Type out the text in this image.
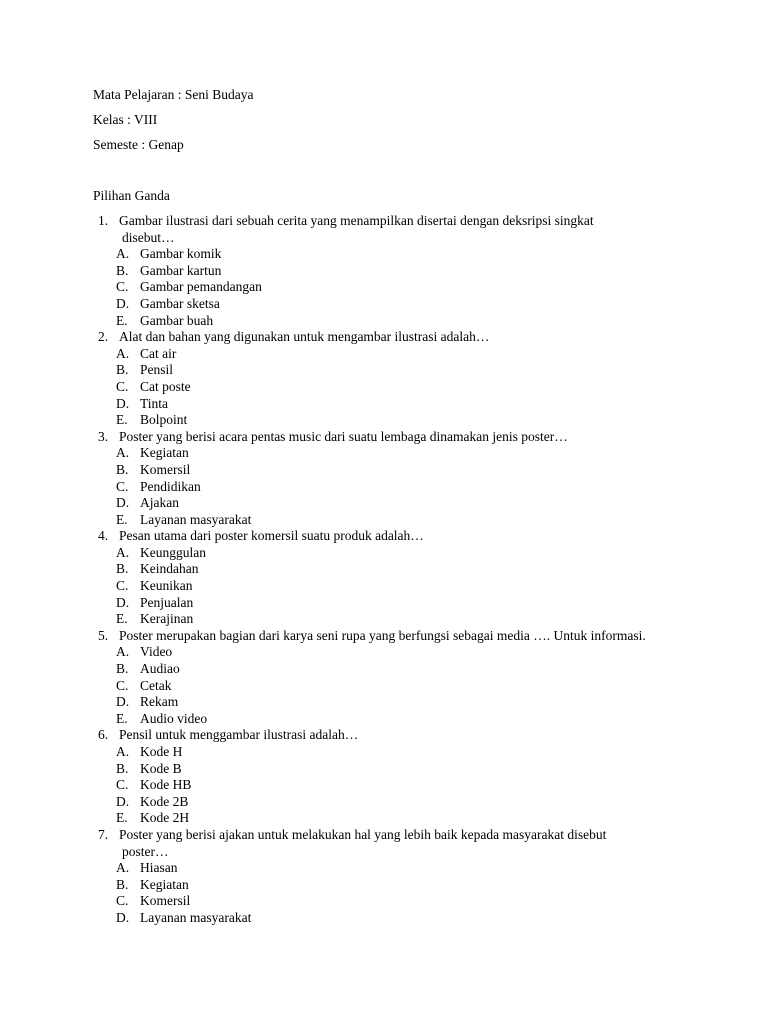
Mata Pelajaran : Seni Budaya
Kelas : VIII
Semeste : Genap
Pilihan Ganda
1. Gambar ilustrasi dari sebuah cerita yang menampilkan disertai dengan deksripsi singkat
disebut…
A. Gambar komik
B. Gambar kartun
C. Gambar pemandangan
D. Gambar sketsa
E. Gambar buah
2. Alat dan bahan yang digunakan untuk mengambar ilustrasi adalah…
A. Cat air
B. Pensil
C. Cat poste
D. Tinta
E. Bolpoint
3. Poster yang berisi acara pentas music dari suatu lembaga dinamakan jenis poster…
A. Kegiatan
B. Komersil
C. Pendidikan
D. Ajakan
E. Layanan masyarakat
4. Pesan utama dari poster komersil suatu produk adalah…
A. Keunggulan
B. Keindahan
C. Keunikan
D. Penjualan
E. Kerajinan
5. Poster merupakan bagian dari karya seni rupa yang berfungsi sebagai media …. Untuk informasi.
A. Video
B. Audiao
C. Cetak
D. Rekam
E. Audio video
6. Pensil untuk menggambar ilustrasi adalah…
A. Kode H
B. Kode B
C. Kode HB
D. Kode 2B
E. Kode 2H
7. Poster yang berisi ajakan untuk melakukan hal yang lebih baik kepada masyarakat disebut
poster…
A. Hiasan
B. Kegiatan
C. Komersil
D. Layanan masyarakat
